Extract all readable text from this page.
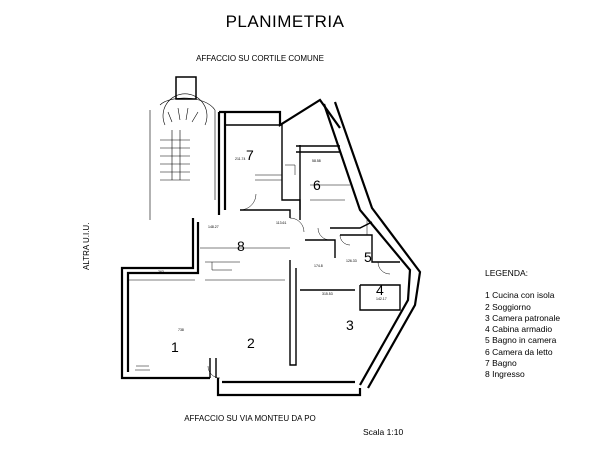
PLANIMETRIA
AFFACCIO SU CORTILE COMUNE
263
738
148.27
113.61
211.74
315.53
142.17
126.33
174.8
58.58
1	2
3
4
5
6
7
8
ALTRA U.I.U.
AFFACCIO SU VIA MONTEU DA PO
Scala 1:10
LEGENDA:
1 Cucina con isola
2 Soggiorno
3 Camera patronale
4 Cabina armadio
5 Bagno in camera
6 Camera da letto
7 Bagno
8 Ingresso
